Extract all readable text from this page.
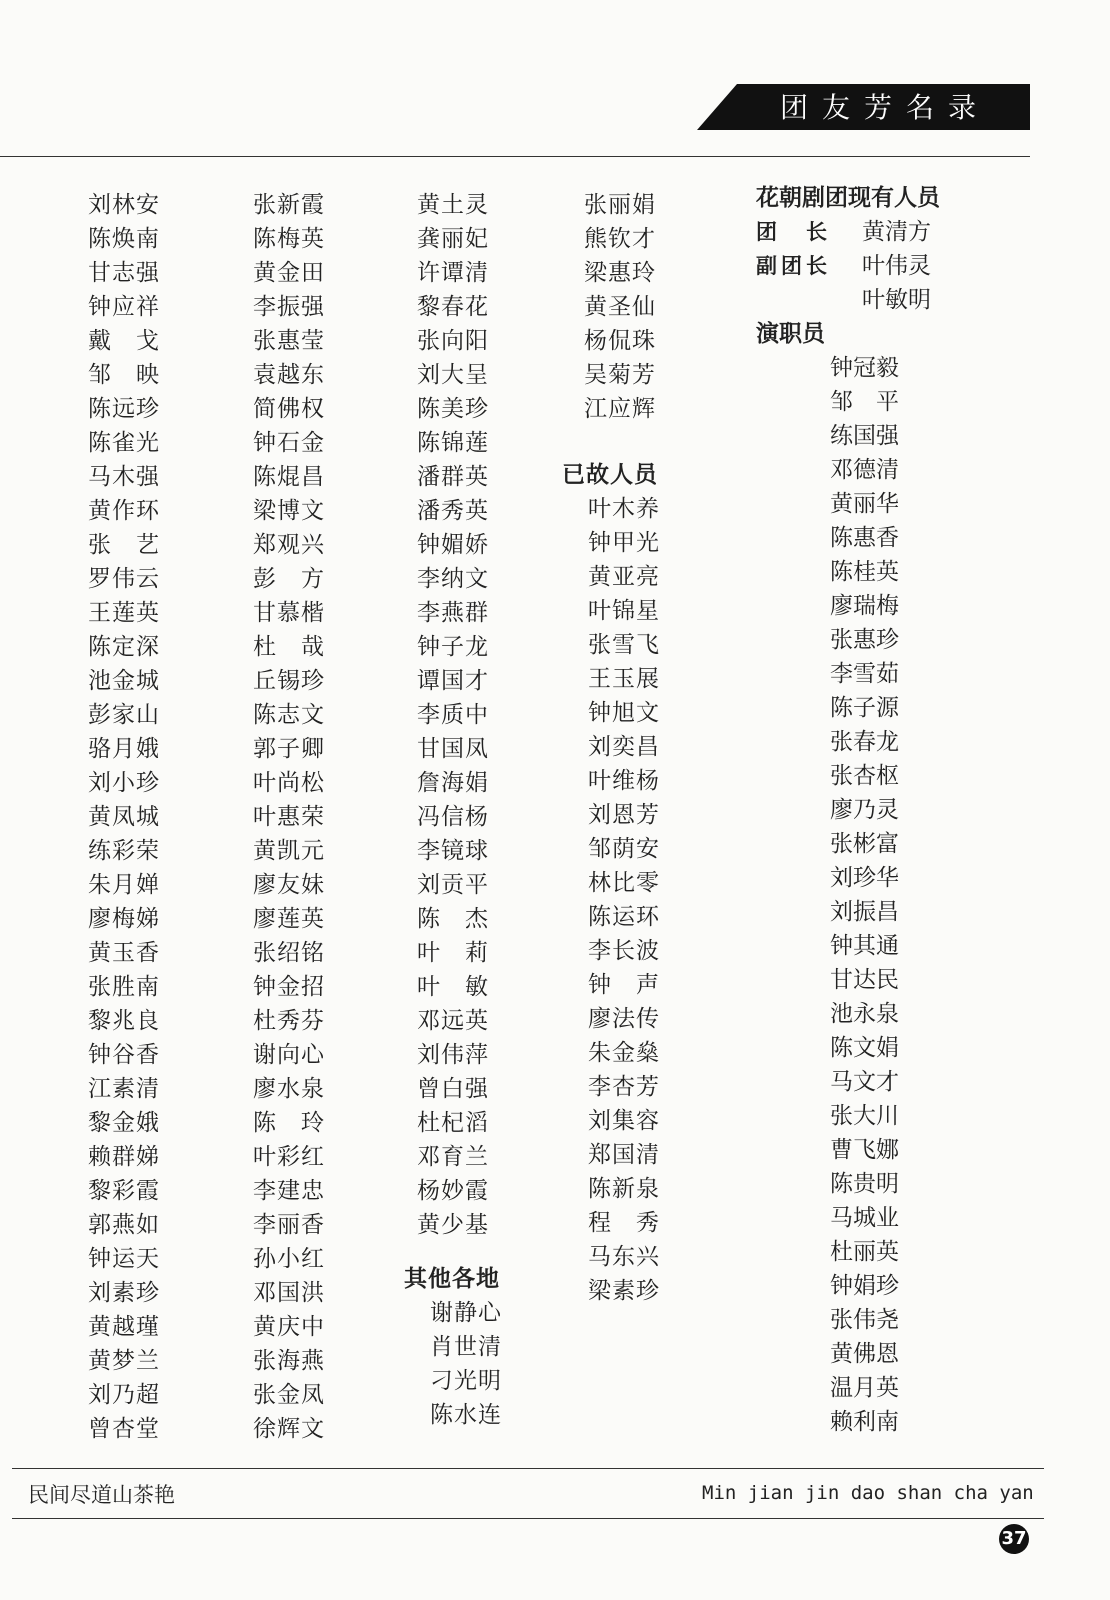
团友芳名录
刘林安
陈焕南
甘志强
钟应祥
戴　戈
邹　映
陈远珍
陈雀光
马木强
黄作环
张　艺
罗伟云
王莲英
陈定深
池金城
彭家山
骆月娥
刘小珍
黄凤城
练彩荣
朱月婵
廖梅娣
黄玉香
张胜南
黎兆良
钟谷香
江素清
黎金娥
赖群娣
黎彩霞
郭燕如
钟运天
刘素珍
黄越瑾
黄梦兰
刘乃超
曾杏堂
张新霞
陈梅英
黄金田
李振强
张惠莹
袁越东
简佛权
钟石金
陈焜昌
梁博文
郑观兴
彭　方
甘慕楷
杜　哉
丘锡珍
陈志文
郭子卿
叶尚松
叶惠荣
黄凯元
廖友妹
廖莲英
张绍铭
钟金招
杜秀芬
谢向心
廖水泉
陈　玲
叶彩红
李建忠
李丽香
孙小红
邓国洪
黄庆中
张海燕
张金凤
徐辉文
黄土灵
龚丽妃
许谭清
黎春花
张向阳
刘大呈
陈美珍
陈锦莲
潘群英
潘秀英
钟媚娇
李纳文
李燕群
钟子龙
谭国才
李质中
甘国凤
詹海娟
冯信杨
李镜球
刘贡平
陈　杰
叶　莉
叶　敏
邓远英
刘伟萍
曾白强
杜杞滔
邓育兰
杨妙霞
黄少基
其他各地
谢静心
肖世清
刁光明
陈水连
张丽娟
熊钦才
梁惠玲
黄圣仙
杨侃珠
吴菊芳
江应辉
已故人员
叶木养
钟甲光
黄亚亮
叶锦星
张雪飞
王玉展
钟旭文
刘奕昌
叶维杨
刘恩芳
邹荫安
林比零
陈运环
李长波
钟　声
廖法传
朱金燊
李杏芳
刘集容
郑国清
陈新泉
程　秀
马东兴
梁素珍
花朝剧团现有人员
团　长	黄清方
副团长	叶伟灵
叶敏明
演职员
钟冠毅
邹　平
练国强
邓德清
黄丽华
陈惠香
陈桂英
廖瑞梅
张惠珍
李雪茹
陈子源
张春龙
张杏枢
廖乃灵
张彬富
刘珍华
刘振昌
钟其通
甘达民
池永泉
陈文娟
马文才
张大川
曹飞娜
陈贵明
马城业
杜丽英
钟娟珍
张伟尧
黄佛恩
温月英
赖利南
民间尽道山茶艳	Min jian jin dao shan cha yan
37
